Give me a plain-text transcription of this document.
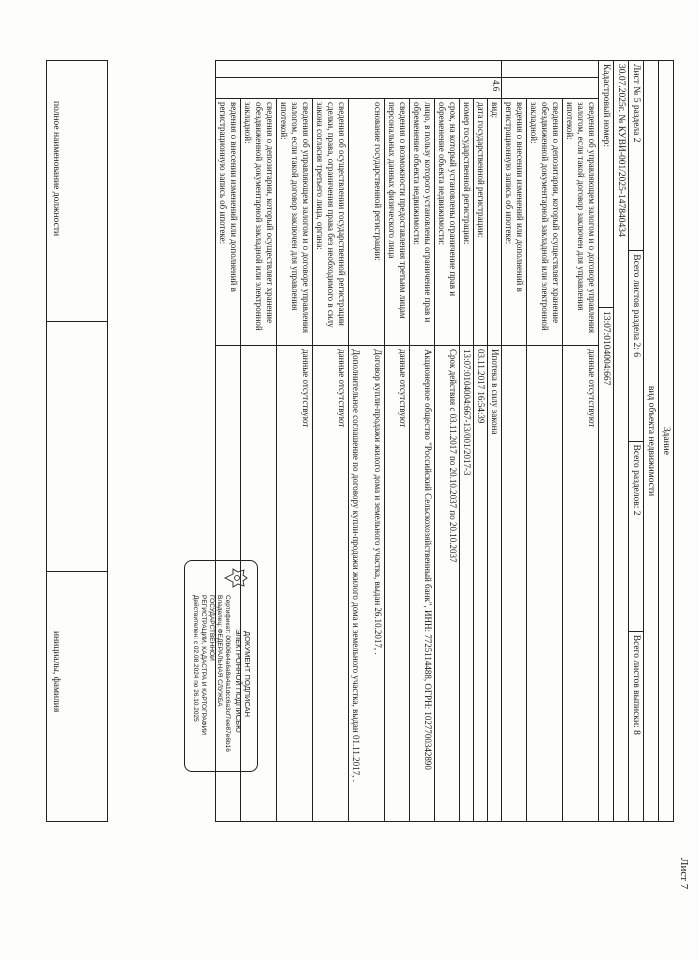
Лист 7
Здание
вид объекта недвижимости
Лист № 5 раздела 2
Всего листов раздела 2: 6
Всего разделов: 2
Всего листов выписки: 8
30.07.2025г. № КУВИ-001/2025-147840434
Кадастровый номер:
13:07:0104004:667
сведения об управляющем залогом и о договоре управления залогом, если такой договор заключен для управления ипотекой:
данные отсутствуют
сведения о депозитарии, который осуществляет хранение обездвиженной документарной закладной или электронной закладной:
ведения о внесении изменений или дополнений в регистрационную запись об ипотеке:
4.6
вид:
Ипотека в силу закона
дата государственной регистрации:
03.11.2017 16:54:39
номер государственной регистрации:
13:07:0104004:667-13/001/2017-3
срок, на который установлены ограничение прав и обременение объекта недвижимости:
Срок действия с 03.11.2017 по 20.10.2037 по 20.10.2037
лицо, в пользу которого установлены ограничение прав и обременение объекта недвижимости:
Акционерное общество "Российский Сельскохозяйственный банк", ИНН: 7725114488, ОГРН: 1027700342890
сведения о возможности предоставления третьим лицам персональных данных физического лица
данные отсутствуют
основание государственной регистрации:
Договор купли-продажи жилого дома и земельного участка, выдан 26.10.2017, .

Дополнительное соглашение по договору купли-продажи жилого дома и земельного участка, выдан 01.11.2017, .
сведения об осуществлении государственной регистрации сделки, права, ограничения права без необходимого в силу закона согласия третьего лица, органа:
данные отсутствуют
сведения об управляющем залогом и о договоре управления залогом, если такой договор заключен для управления ипотекой:
данные отсутствуют
сведения о депозитарии, который осуществляет хранение обездвиженной документарной закладной или электронной закладной:
ведения о внесении изменений или дополнений в регистрационную запись об ипотеке:
ДОКУМЕНТ ПОДПИСАН
ЭЛЕКТРОННОЙ ПОДПИСЬЮ
Сертификат: 00b06e4a6a8a4a1dcc6a3cf7ee87e6b16
Владелец: ФЕДЕРАЛЬНАЯ СЛУЖБА ГОСУДАРСТВЕННОЙ
РЕГИСТРАЦИИ, КАДАСТРА И КАРТОГРАФИИ
Действителен: с 02.08.2024 по 26.10.2025
полное наименование должности
инициалы, фамилия
